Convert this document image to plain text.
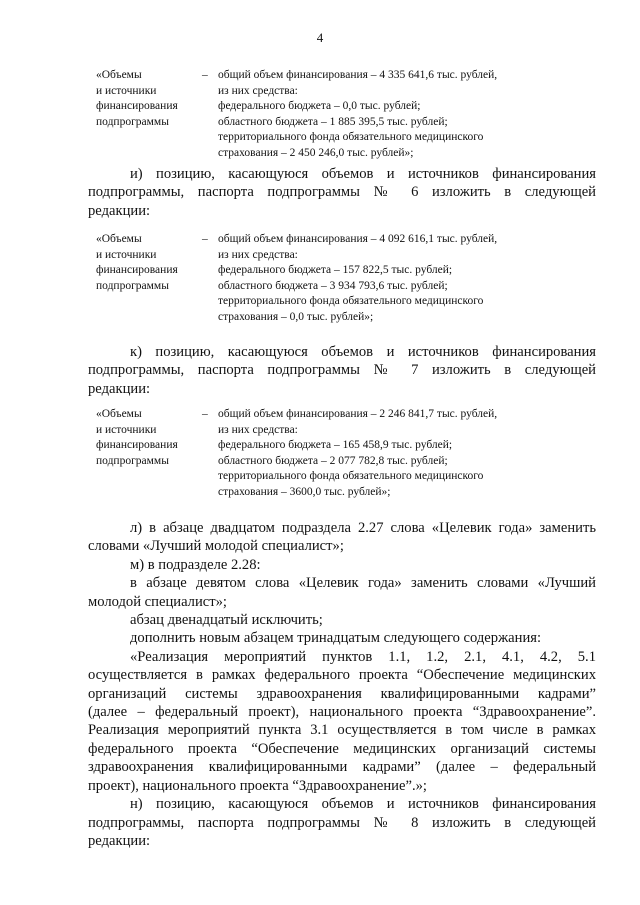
4
«Объемы
и источники
финансирования
подпрограммы
– общий объем финансирования – 4 335 641,6 тыс. рублей,
из них средства:
федерального бюджета – 0,0 тыс. рублей;
областного бюджета – 1 885 395,5 тыс. рублей;
территориального фонда обязательного медицинского
страхования – 2 450 246,0 тыс. рублей»;
и) позицию, касающуюся объемов и источников финансирования
подпрограммы, паспорта подпрограммы № 6 изложить в следующей
редакции:
«Объемы
и источники
финансирования
подпрограммы
– общий объем финансирования – 4 092 616,1 тыс. рублей,
из них средства:
федерального бюджета – 157 822,5 тыс. рублей;
областного бюджета – 3 934 793,6 тыс. рублей;
территориального фонда обязательного медицинского
страхования – 0,0 тыс. рублей»;
к) позицию, касающуюся объемов и источников финансирования
подпрограммы, паспорта подпрограммы № 7 изложить в следующей
редакции:
«Объемы
и источники
финансирования
подпрограммы
– общий объем финансирования – 2 246 841,7 тыс. рублей,
из них средства:
федерального бюджета – 165 458,9 тыс. рублей;
областного бюджета – 2 077 782,8 тыс. рублей;
территориального фонда обязательного медицинского
страхования – 3600,0 тыс. рублей»;
л) в абзаце двадцатом подраздела 2.27 слова «Целевик года» заменить
словами «Лучший молодой специалист»;
м) в подразделе 2.28:
в абзаце девятом слова «Целевик года» заменить словами «Лучший
молодой специалист»;
абзац двенадцатый исключить;
дополнить новым абзацем тринадцатым следующего содержания:
«Реализация мероприятий пунктов 1.1, 1.2, 2.1, 4.1, 4.2, 5.1
осуществляется в рамках федерального проекта “Обеспечение медицинских
организаций системы здравоохранения квалифицированными кадрами”
(далее – федеральный проект), национального проекта “Здравоохранение”.
Реализация мероприятий пункта 3.1 осуществляется в том числе в рамках
федерального проекта “Обеспечение медицинских организаций системы
здравоохранения квалифицированными кадрами” (далее – федеральный
проект), национального проекта “Здравоохранение”.»;
н) позицию, касающуюся объемов и источников финансирования
подпрограммы, паспорта подпрограммы № 8 изложить в следующей
редакции:
